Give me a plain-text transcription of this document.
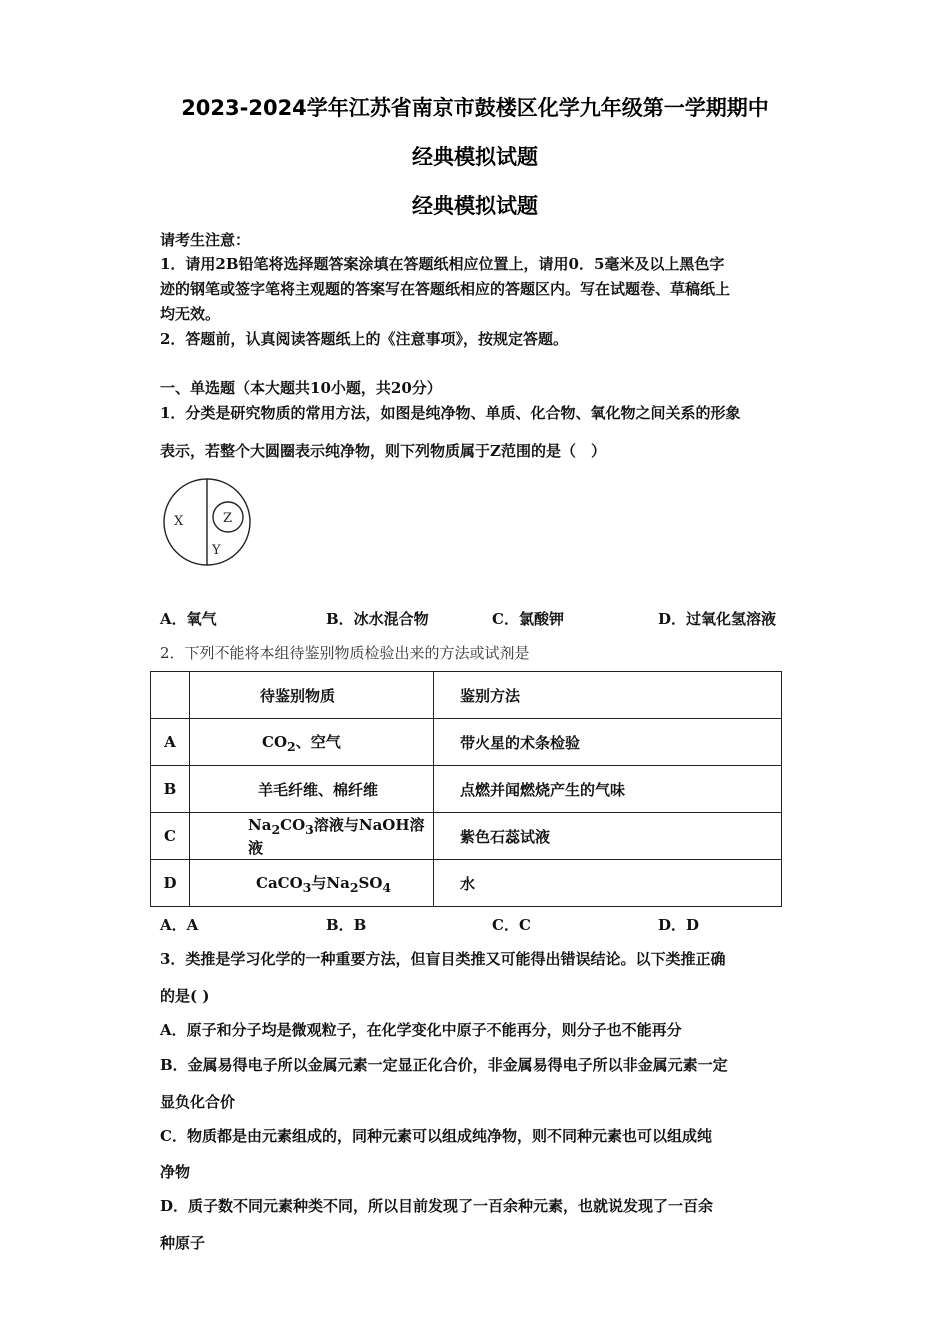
2023-2024学年江苏省南京市鼓楼区化学九年级第一学期期中
经典模拟试题
经典模拟试题
请考生注意：
1．请用2B铅笔将选择题答案涂填在答题纸相应位置上，请用0．5毫米及以上黑色字
迹的钢笔或签字笔将主观题的答案写在答题纸相应的答题区内。写在试题卷、草稿纸上
均无效。
2．答题前，认真阅读答题纸上的《注意事项》，按规定答题。
一、单选题（本大题共10小题，共20分）
1．分类是研究物质的常用方法，如图是纯净物、单质、化合物、氧化物之间关系的形象
表示，若整个大圆圈表示纯净物，则下列物质属于Z范围的是（　）
X
Y
Z
A．氧气	B．冰水混合物	C．氯酸钾	D．过氧化氢溶液
2．下列不能将本组待鉴别物质检验出来的方法或试剂是
	待鉴别物质	鉴别方法
A	$CO_2$、空气	带火星的术条检验
B	羊毛纤维、棉纤维	点燃并闻燃烧产生的气味
C	$Na_2CO_3$溶液与NaOH溶液	紫色石蕊试液
D	CaCO$_3$与$Na_2SO_4$	水
A．A	B．B	C．C	D．D
3．类推是学习化学的一种重要方法，但盲目类推又可能得出错误结论。以下类推正确
的是( )
A．原子和分子均是微观粒子，在化学变化中原子不能再分，则分子也不能再分
B．金属易得电子所以金属元素一定显正化合价，非金属易得电子所以非金属元素一定
显负化合价
C．物质都是由元素组成的，同种元素可以组成纯净物，则不同种元素也可以组成纯
净物
D．质子数不同元素种类不同，所以目前发现了一百余种元素，也就说发现了一百余
种原子
